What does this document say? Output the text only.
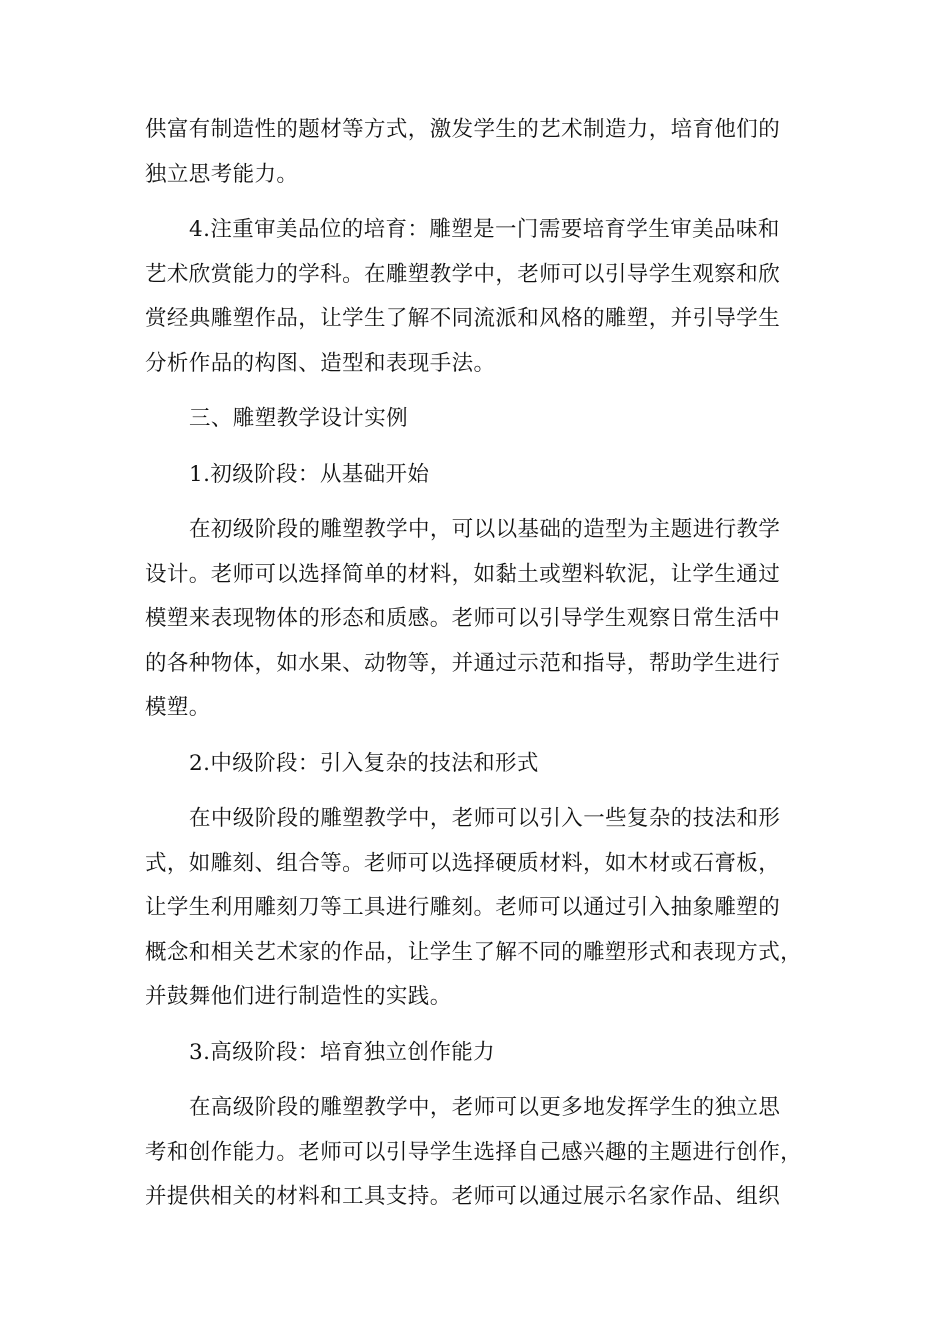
供富有制造性的题材等方式，激发学生的艺术制造力，培育他们的
独立思考能力。
4.注重审美品位的培育：雕塑是一门需要培育学生审美品味和
艺术欣赏能力的学科。在雕塑教学中，老师可以引导学生观察和欣
赏经典雕塑作品，让学生了解不同流派和风格的雕塑，并引导学生
分析作品的构图、造型和表现手法。
三、雕塑教学设计实例
1.初级阶段：从基础开始
在初级阶段的雕塑教学中，可以以基础的造型为主题进行教学
设计。老师可以选择简单的材料，如黏土或塑料软泥，让学生通过
模塑来表现物体的形态和质感。老师可以引导学生观察日常生活中
的各种物体，如水果、动物等，并通过示范和指导，帮助学生进行
模塑。
2.中级阶段：引入复杂的技法和形式
在中级阶段的雕塑教学中，老师可以引入一些复杂的技法和形
式，如雕刻、组合等。老师可以选择硬质材料，如木材或石膏板，
让学生利用雕刻刀等工具进行雕刻。老师可以通过引入抽象雕塑的
概念和相关艺术家的作品，让学生了解不同的雕塑形式和表现方式，
并鼓舞他们进行制造性的实践。
3.高级阶段：培育独立创作能力
在高级阶段的雕塑教学中，老师可以更多地发挥学生的独立思
考和创作能力。老师可以引导学生选择自己感兴趣的主题进行创作，
并提供相关的材料和工具支持。老师可以通过展示名家作品、组织
